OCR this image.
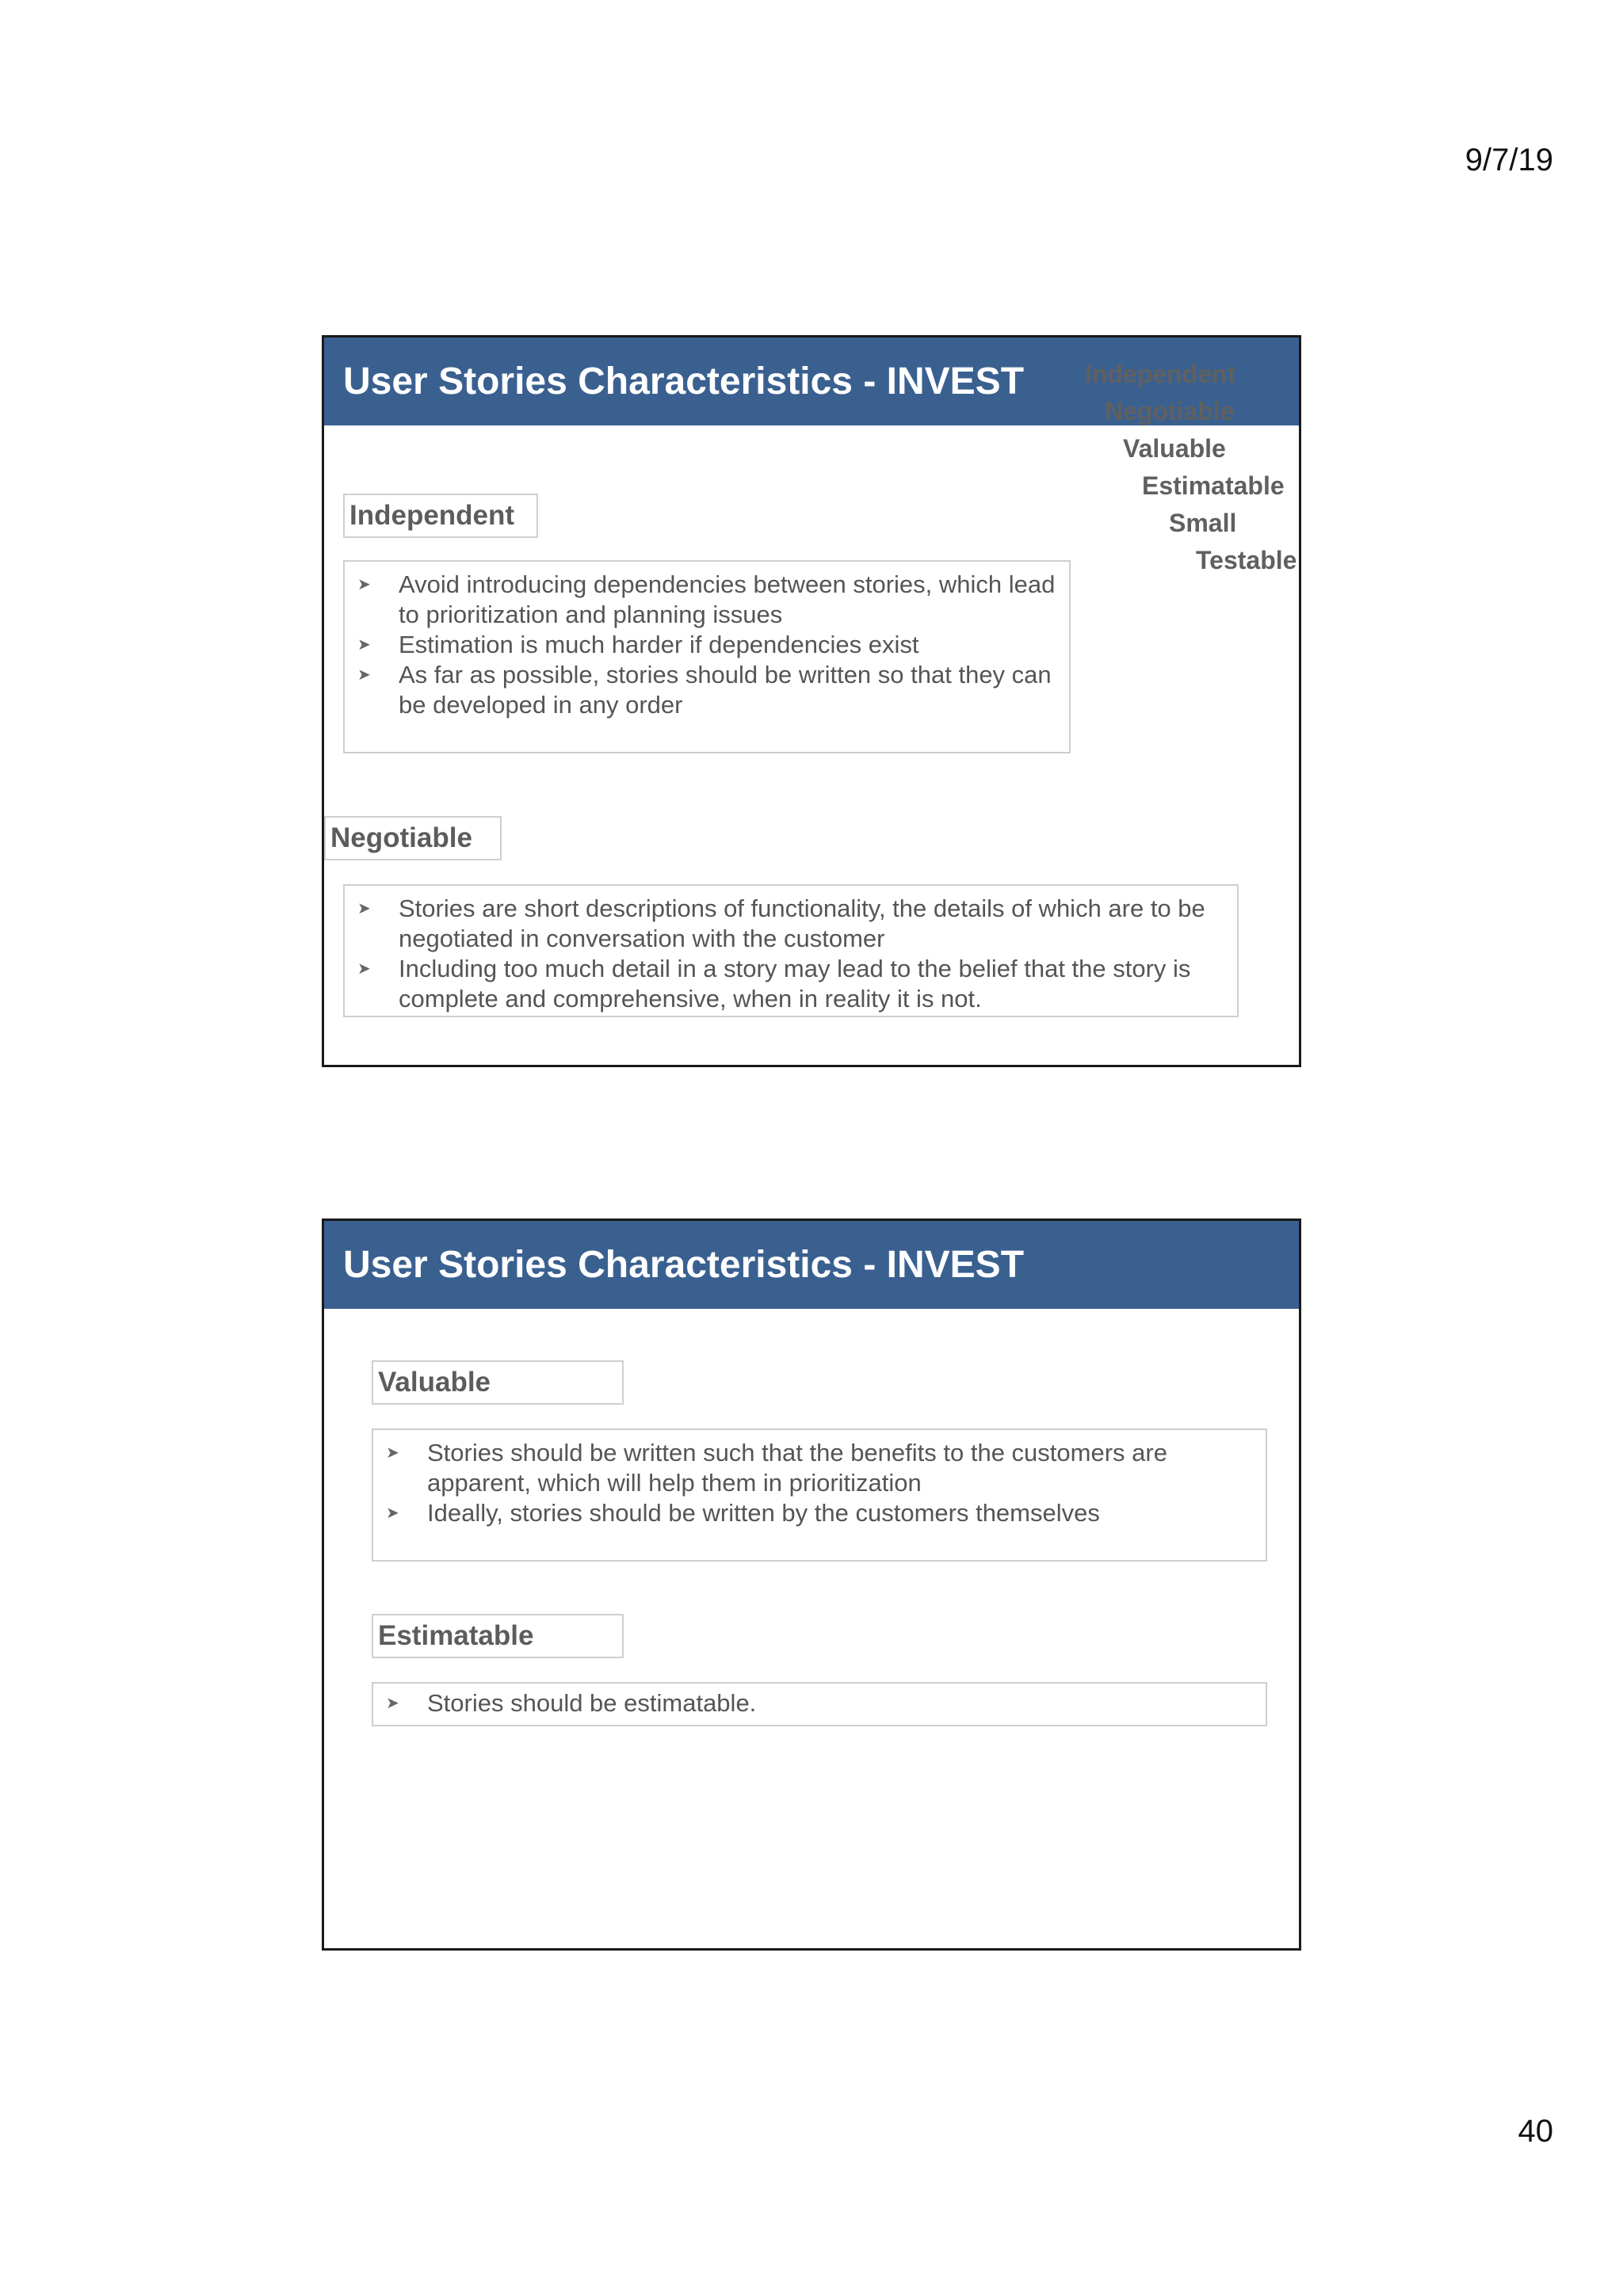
9/7/19
User Stories Characteristics - INVEST	Independent
Negotiable
Valuable
Estimatable
Small
Testable
Independent
➤	Avoid introducing dependencies between stories, which lead to prioritization and planning issues
➤	Estimation is much harder if dependencies exist
➤	As far as possible, stories should be written so that they can be developed in any order
Negotiable
➤	Stories are short descriptions of functionality, the details of which are to be negotiated in conversation with the customer
➤	Including too much detail in a story may lead to the belief that the story is complete and comprehensive, when in reality it is not.
User Stories Characteristics - INVEST
Valuable
➤	Stories should be written such that the benefits to the customers are apparent, which will help them in prioritization
➤	Ideally, stories should be written by the customers themselves
Estimatable
➤	Stories should be estimatable.
40
